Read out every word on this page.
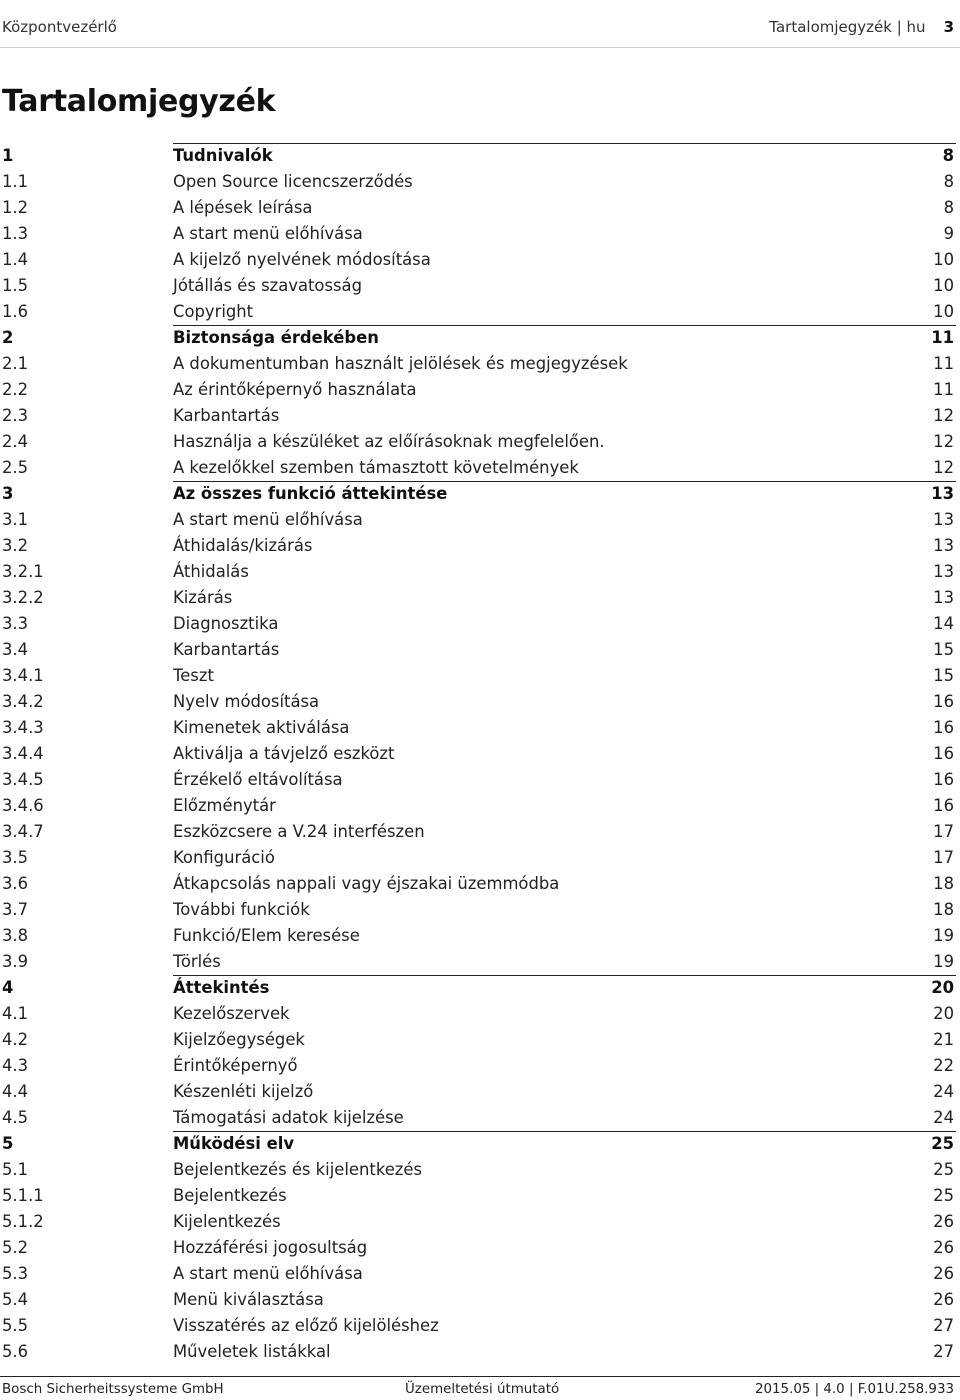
Központvezérlő	Tartalomjegyzék | hu 3
Tartalomjegyzék
1	Tudnivalók	8
1.1	Open Source licencszerződés	8
1.2	A lépések leírása	8
1.3	A start menü előhívása	9
1.4	A kijelző nyelvének módosítása	10
1.5	Jótállás és szavatosság	10
1.6	Copyright	10
2	Biztonsága érdekében	11
2.1	A dokumentumban használt jelölések és megjegyzések	11
2.2	Az érintőképernyő használata	11
2.3	Karbantartás	12
2.4	Használja a készüléket az előírásoknak megfelelően.	12
2.5	A kezelőkkel szemben támasztott követelmények	12
3	Az összes funkció áttekintése	13
3.1	A start menü előhívása	13
3.2	Áthidalás/kizárás	13
3.2.1	Áthidalás	13
3.2.2	Kizárás	13
3.3	Diagnosztika	14
3.4	Karbantartás	15
3.4.1	Teszt	15
3.4.2	Nyelv módosítása	16
3.4.3	Kimenetek aktiválása	16
3.4.4	Aktiválja a távjelző eszközt	16
3.4.5	Érzékelő eltávolítása	16
3.4.6	Előzménytár	16
3.4.7	Eszközcsere a V.24 interfészen	17
3.5	Konfiguráció	17
3.6	Átkapcsolás nappali vagy éjszakai üzemmódba	18
3.7	További funkciók	18
3.8	Funkció/Elem keresése	19
3.9	Törlés	19
4	Áttekintés	20
4.1	Kezelőszervek	20
4.2	Kijelzőegységek	21
4.3	Érintőképernyő	22
4.4	Készenléti kijelző	24
4.5	Támogatási adatok kijelzése	24
5	Működési elv	25
5.1	Bejelentkezés és kijelentkezés	25
5.1.1	Bejelentkezés	25
5.1.2	Kijelentkezés	26
5.2	Hozzáférési jogosultság	26
5.3	A start menü előhívása	26
5.4	Menü kiválasztása	26
5.5	Visszatérés az előző kijelöléshez	27
5.6	Műveletek listákkal	27
Bosch Sicherheitssysteme GmbH	Üzemeltetési útmutató	2015.05 | 4.0 | F.01U.258.933
